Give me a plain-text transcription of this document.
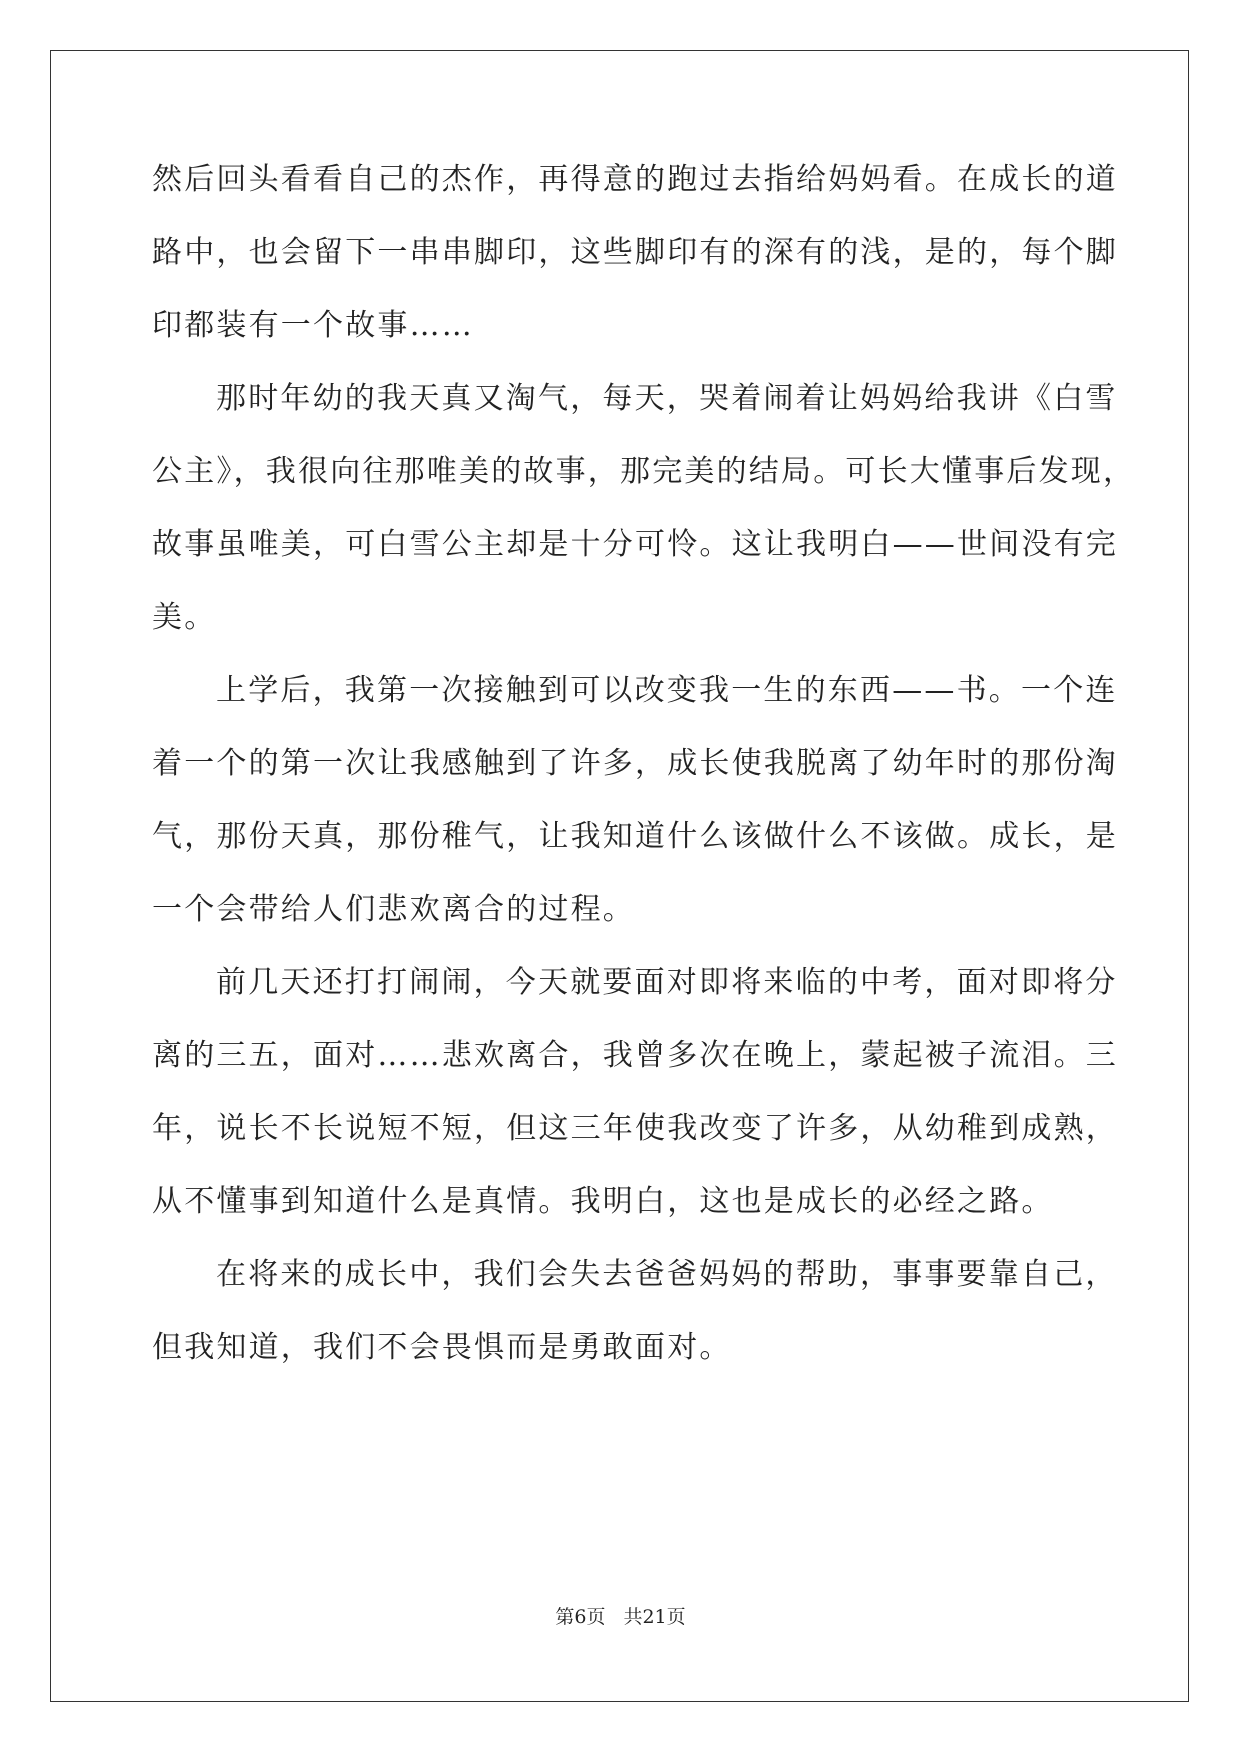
然后回头看看自己的杰作，再得意的跑过去指给妈妈看。在成长的道
路中，也会留下一串串脚印，这些脚印有的深有的浅，是的，每个脚
印都装有一个故事……
那时年幼的我天真又淘气，每天，哭着闹着让妈妈给我讲《白雪
公主》，我很向往那唯美的故事，那完美的结局。可长大懂事后发现，
故事虽唯美，可白雪公主却是十分可怜。这让我明白——世间没有完
美。
上学后，我第一次接触到可以改变我一生的东西——书。一个连
着一个的第一次让我感触到了许多，成长使我脱离了幼年时的那份淘
气，那份天真，那份稚气，让我知道什么该做什么不该做。成长，是
一个会带给人们悲欢离合的过程。
前几天还打打闹闹，今天就要面对即将来临的中考，面对即将分
离的三五，面对……悲欢离合，我曾多次在晚上，蒙起被子流泪。三
年，说长不长说短不短，但这三年使我改变了许多，从幼稚到成熟，
从不懂事到知道什么是真情。我明白，这也是成长的必经之路。
在将来的成长中，我们会失去爸爸妈妈的帮助，事事要靠自己，
但我知道，我们不会畏惧而是勇敢面对。
第6页 共21页
